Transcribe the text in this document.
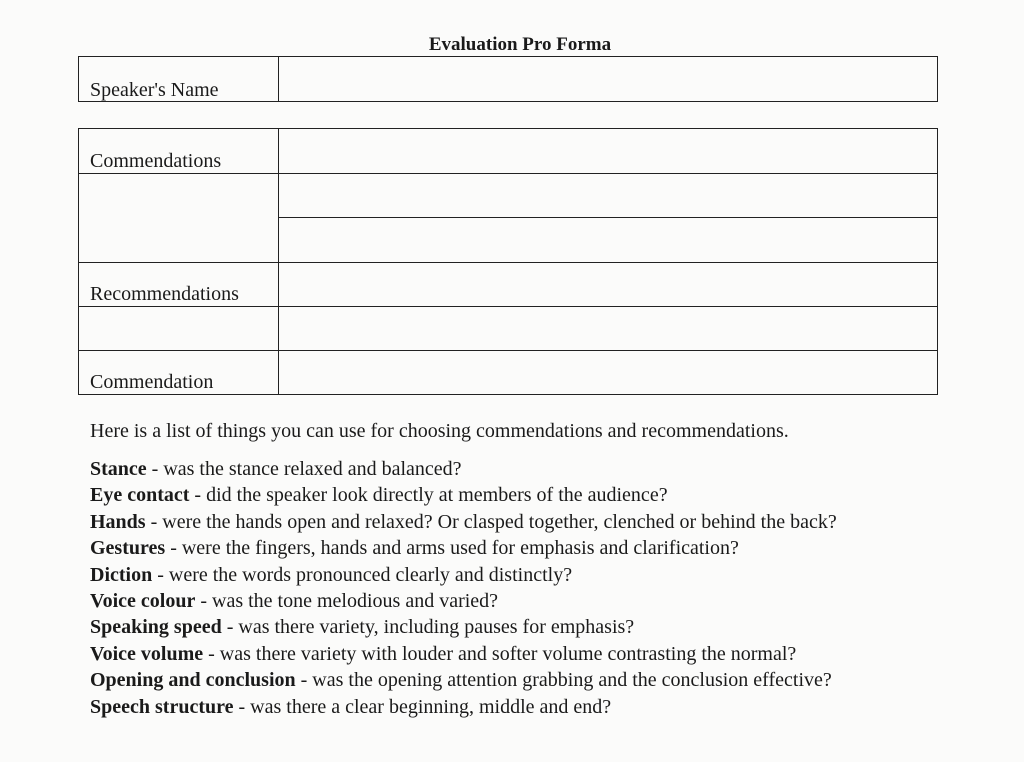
Evaluation Pro Forma
Speaker's Name
Commendations
Recommendations
Commendation
Here is a list of things you can use for choosing commendations and recommendations.
Stance - was the stance relaxed and balanced?
Eye contact - did the speaker look directly at members of the audience?
Hands - were the hands open and relaxed? Or clasped together, clenched or behind the back?
Gestures - were the fingers, hands and arms used for emphasis and clarification?
Diction - were the words pronounced clearly and distinctly?
Voice colour - was the tone melodious and varied?
Speaking speed - was there variety, including pauses for emphasis?
Voice volume - was there variety with louder and softer volume contrasting the normal?
Opening and conclusion - was the opening attention grabbing and the conclusion effective?
Speech structure - was there a clear beginning, middle and end?
